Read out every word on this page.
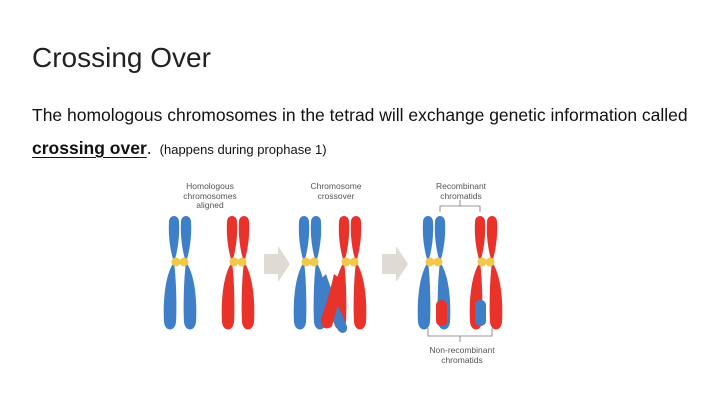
Crossing Over
The homologous chromosomes in the tetrad will exchange genetic information called crossing over. (happens during prophase 1)
Homologous
chromosomes
aligned
Chromosome
crossover
Recombinant
chromatids
Non-recombinant
chromatids
